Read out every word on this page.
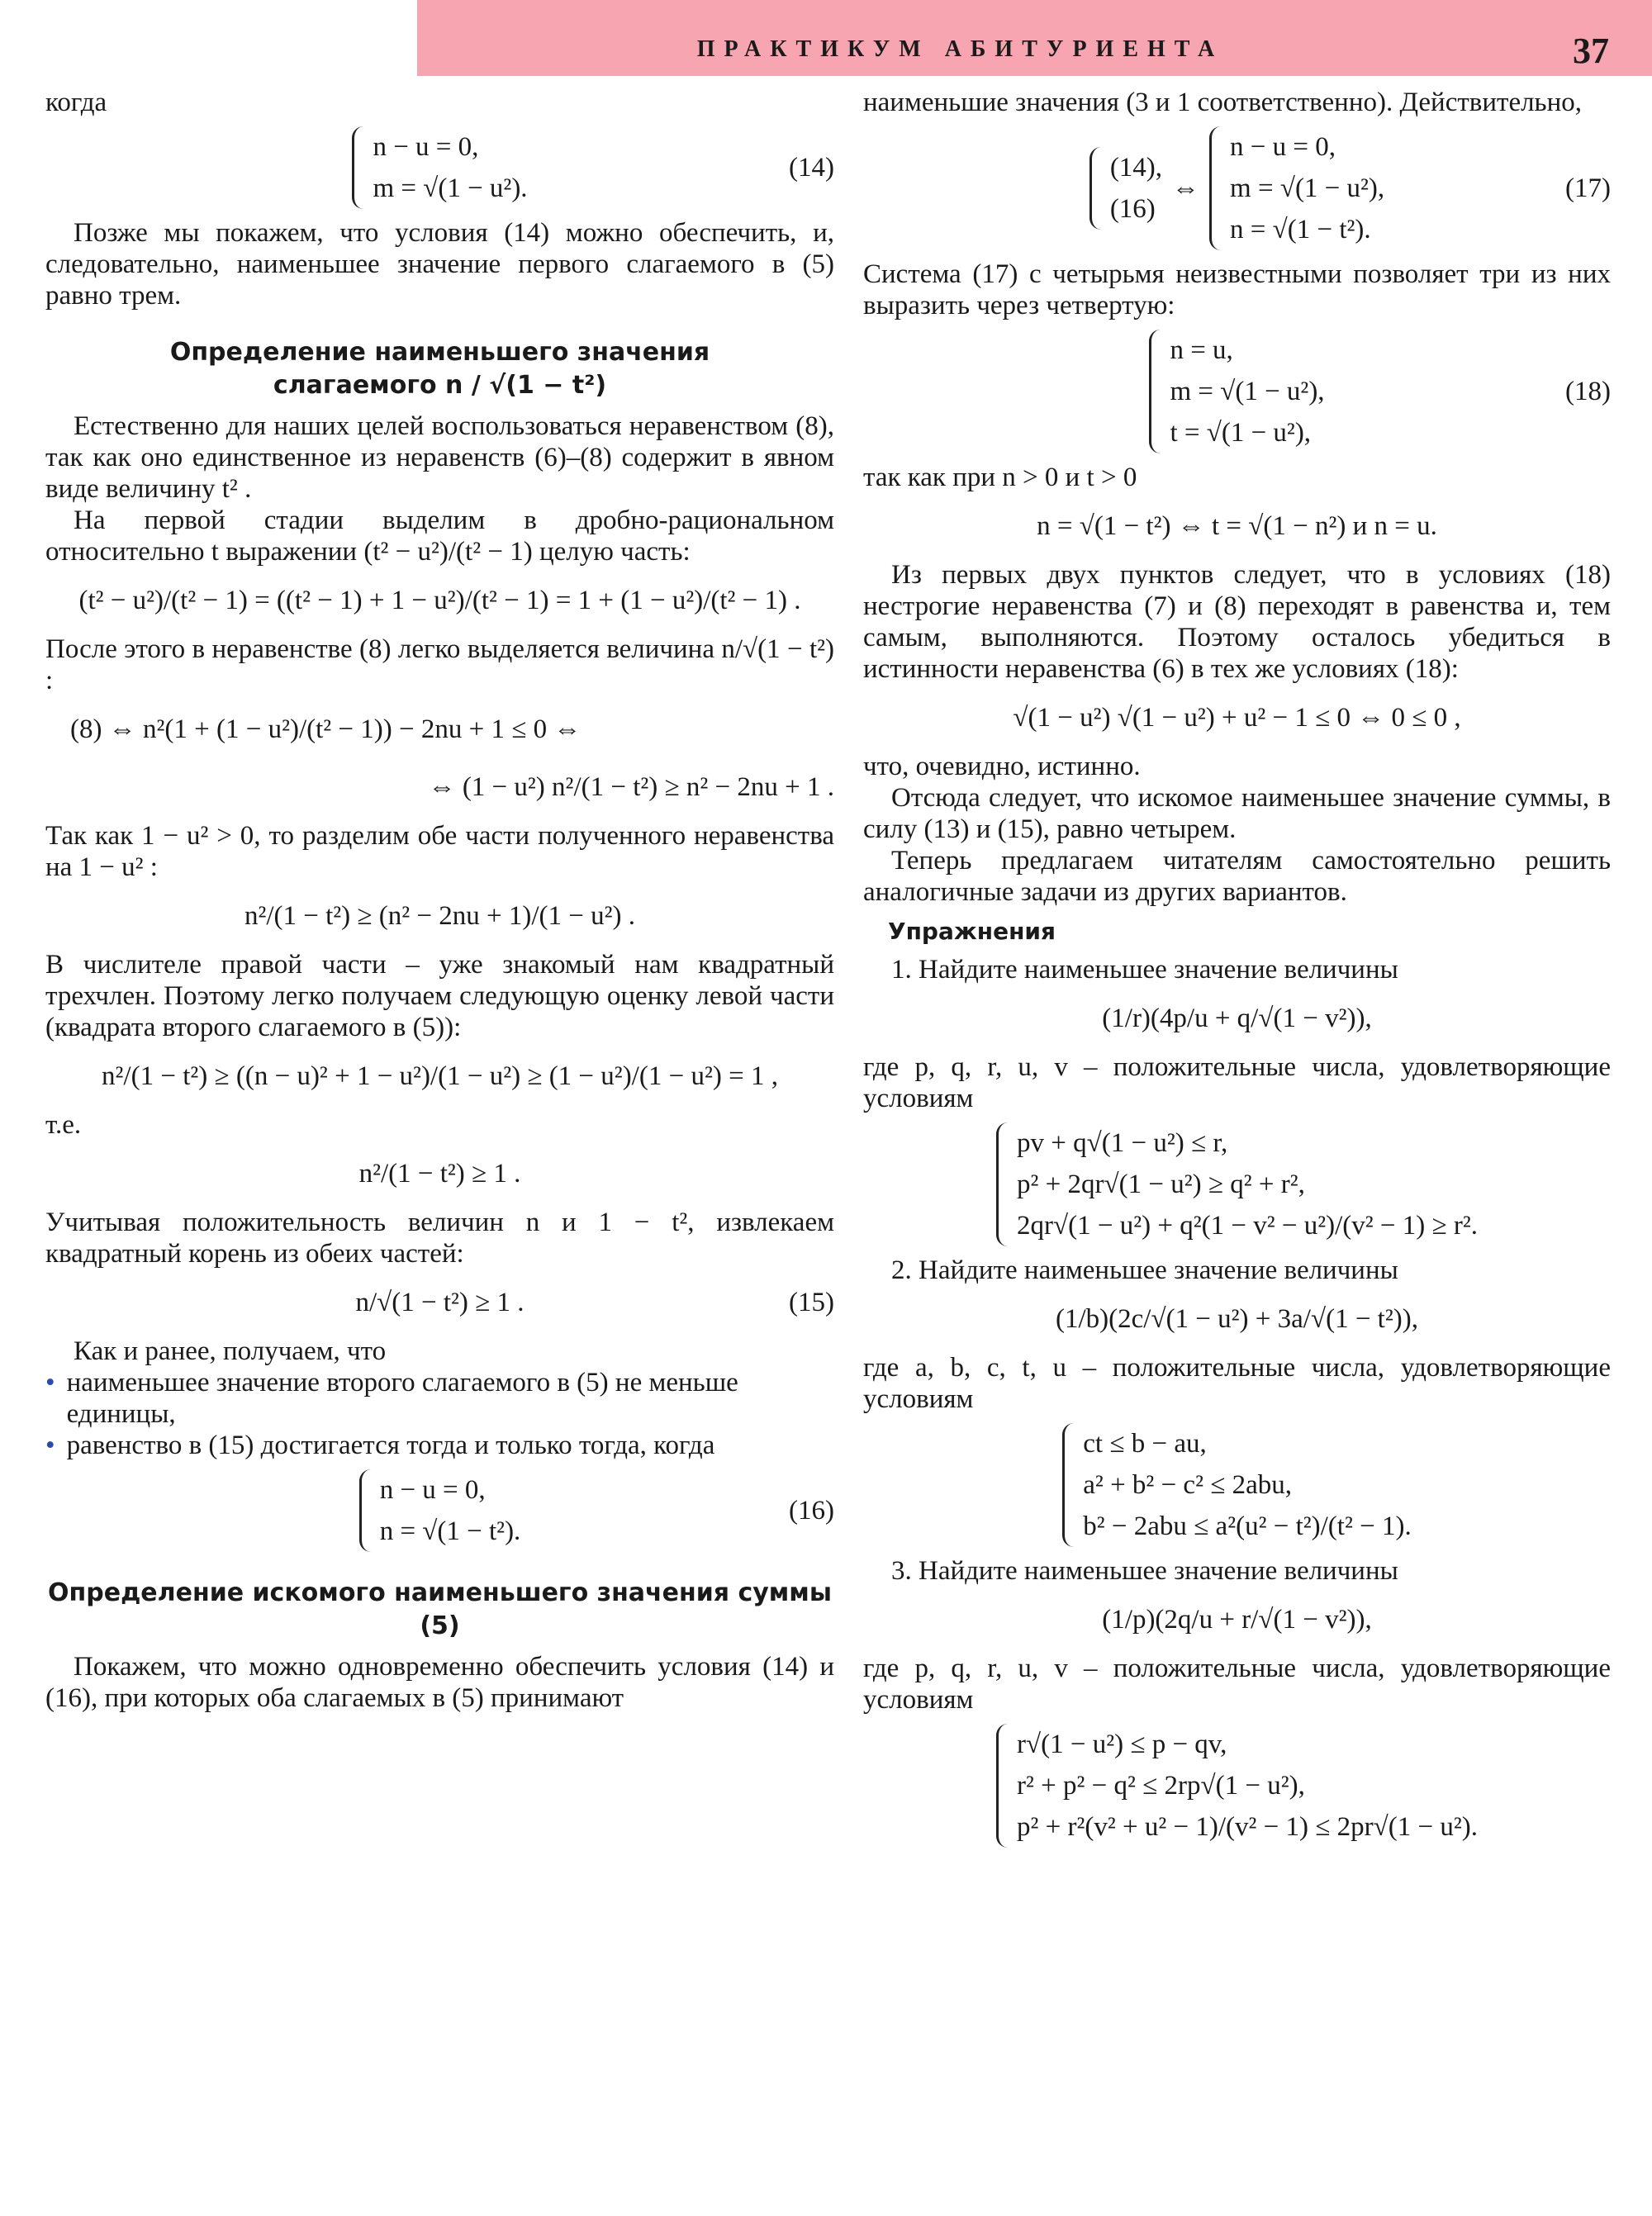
ПРАКТИКУМ АБИТУРИЕНТА	37

когда

n − u = 0,
m = √(1 − u²).
(14)

Позже мы покажем, что условия (14) можно обеспечить, и, следовательно, наименьшее значение первого слагаемого в (5) равно трем.

Определение наименьшего значения
слагаемого n / √(1 − t²)

Естественно для наших целей воспользоваться неравенством (8), так как оно единственное из неравенств (6)–(8) содержит в явном виде величину t² .

На первой стадии выделим в дробно-рациональном относительно t выражении (t² − u²)/(t² − 1) целую часть:

(t² − u²)/(t² − 1) = ((t² − 1) + 1 − u²)/(t² − 1) = 1 + (1 − u²)/(t² − 1) .

После этого в неравенстве (8) легко выделяется величина n/√(1 − t²) :

(8) ⇔ n²(1 + (1 − u²)/(t² − 1)) − 2nu + 1 ≤ 0 ⇔
⇔ (1 − u²) n²/(1 − t²) ≥ n² − 2nu + 1 .

Так как 1 − u² > 0, то разделим обе части полученного неравенства на 1 − u² :

n²/(1 − t²) ≥ (n² − 2nu + 1)/(1 − u²) .

В числителе правой части – уже знакомый нам квадратный трехчлен. Поэтому легко получаем следующую оценку левой части (квадрата второго слагаемого в (5)):

n²/(1 − t²) ≥ ((n − u)² + 1 − u²)/(1 − u²) ≥ (1 − u²)/(1 − u²) = 1 ,

т.е.

n²/(1 − t²) ≥ 1 .

Учитывая положительность величин n и 1 − t², извлекаем квадратный корень из обеих частей:

n/√(1 − t²) ≥ 1 .	(15)

Как и ранее, получаем, что

• наименьшее значение второго слагаемого в (5) не меньше единицы,
• равенство в (15) достигается тогда и только тогда, когда
n − u = 0,
n = √(1 − t²).
(16)
Определение искомого наименьшего значения суммы (5)

Покажем, что можно одновременно обеспечить условия (14) и (16), при которых оба слагаемых в (5) принимают

наименьшие значения (3 и 1 соответственно). Действительно,

(14),
(16)
⇔
n − u = 0,
m = √(1 − u²),
n = √(1 − t²).
(17)

Система (17) с четырьмя неизвестными позволяет три из них выразить через четвертую:

n = u,
m = √(1 − u²),
t = √(1 − u²),
(18)

так как при n > 0 и t > 0

n = √(1 − t²) ⇔ t = √(1 − n²) и n = u.

Из первых двух пунктов следует, что в условиях (18) нестрогие неравенства (7) и (8) переходят в равенства и, тем самым, выполняются. Поэтому осталось убедиться в истинности неравенства (6) в тех же условиях (18):

√(1 − u²) √(1 − u²) + u² − 1 ≤ 0 ⇔ 0 ≤ 0 ,

что, очевидно, истинно.

Отсюда следует, что искомое наименьшее значение суммы, в силу (13) и (15), равно четырем.

Теперь предлагаем читателям самостоятельно решить аналогичные задачи из других вариантов.

Упражнения

1. Найдите наименьшее значение величины

(1/r)(4p/u + q/√(1 − v²)),

где p, q, r, u, v – положительные числа, удовлетворяющие условиям

pv + q√(1 − u²) ≤ r,
p² + 2qr√(1 − u²) ≥ q² + r²,
2qr√(1 − u²) + q²(1 − v² − u²)/(v² − 1) ≥ r².

2. Найдите наименьшее значение величины

(1/b)(2c/√(1 − u²) + 3a/√(1 − t²)),

где a, b, c, t, u – положительные числа, удовлетворяющие условиям

ct ≤ b − au,
a² + b² − c² ≤ 2abu,
b² − 2abu ≤ a²(u² − t²)/(t² − 1).

3. Найдите наименьшее значение величины

(1/p)(2q/u + r/√(1 − v²)),

где p, q, r, u, v – положительные числа, удовлетворяющие условиям

r√(1 − u²) ≤ p − qv,
r² + p² − q² ≤ 2rp√(1 − u²),
p² + r²(v² + u² − 1)/(v² − 1) ≤ 2pr√(1 − u²).
